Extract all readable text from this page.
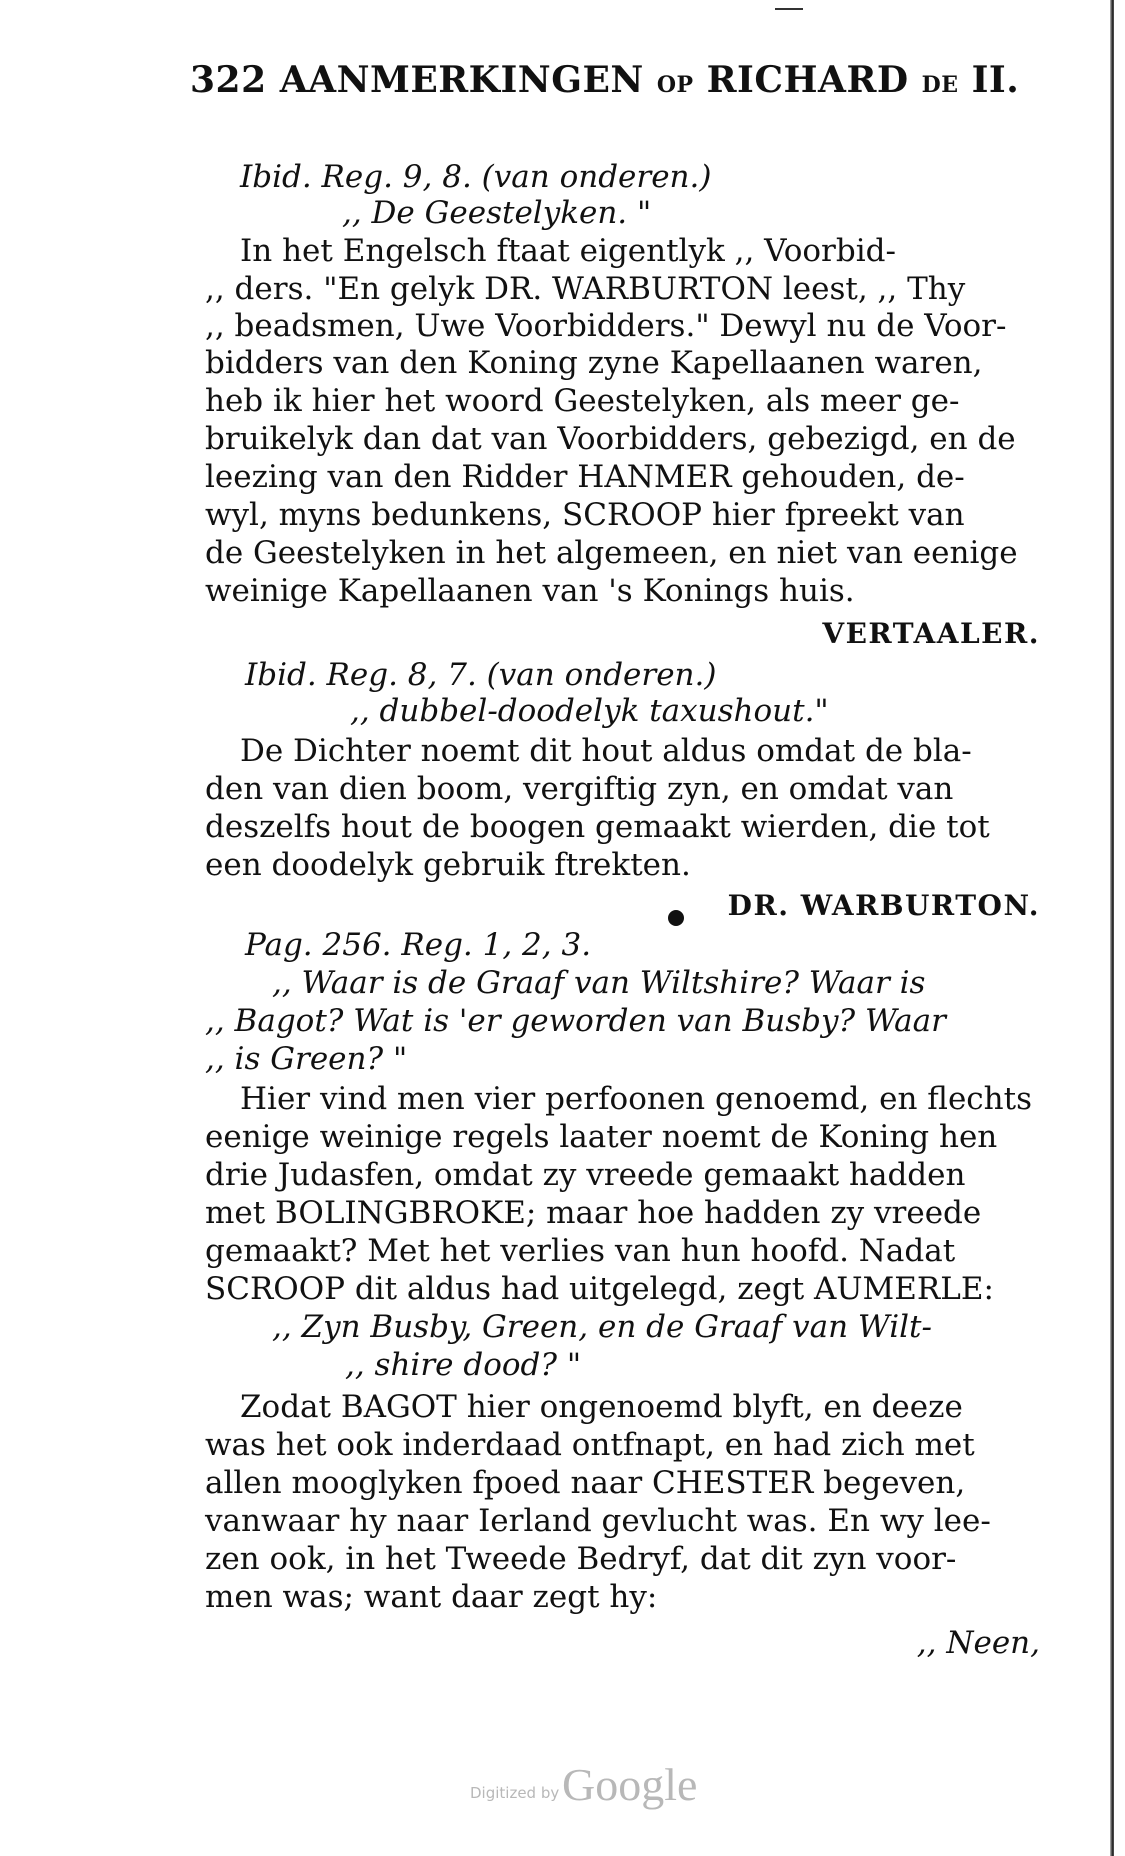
322 AANMERKINGEN OP RICHARD DE II.
Ibid. Reg. 9, 8. (van onderen.)
,, De Geestelyken. "
In het Engelsch ftaat eigentlyk ,, Voorbid-
,, ders. "En gelyk DR. WARBURTON leest, ,, Thy
,, beadsmen, Uwe Voorbidders." Dewyl nu de Voor-
bidders van den Koning zyne Kapellaanen waren,
heb ik hier het woord Geestelyken, als meer ge-
bruikelyk dan dat van Voorbidders, gebezigd, en de
leezing van den Ridder HANMER gehouden, de-
wyl, myns bedunkens, SCROOP hier fpreekt van
de Geestelyken in het algemeen, en niet van eenige
weinige Kapellaanen van 's Konings huis.
VERTAALER.
Ibid. Reg. 8, 7. (van onderen.)
,, dubbel-doodelyk taxushout."
De Dichter noemt dit hout aldus omdat de bla-
den van dien boom, vergiftig zyn, en omdat van
deszelfs hout de boogen gemaakt wierden, die tot
een doodelyk gebruik ftrekten.
DR. WARBURTON.
Pag. 256. Reg. 1, 2, 3.
,, Waar is de Graaf van Wiltshire? Waar is
,, Bagot? Wat is 'er geworden van Busby? Waar
,, is Green? "
Hier vind men vier perfoonen genoemd, en flechts
eenige weinige regels laater noemt de Koning hen
drie Judasfen, omdat zy vreede gemaakt hadden
met BOLINGBROKE; maar hoe hadden zy vreede
gemaakt? Met het verlies van hun hoofd. Nadat
SCROOP dit aldus had uitgelegd, zegt AUMERLE:
,, Zyn Busby, Green, en de Graaf van Wilt-
,, shire dood? "
Zodat BAGOT hier ongenoemd blyft, en deeze
was het ook inderdaad ontfnapt, en had zich met
allen mooglyken fpoed naar CHESTER begeven,
vanwaar hy naar Ierland gevlucht was. En wy lee-
zen ook, in het Tweede Bedryf, dat dit zyn voor-
men was; want daar zegt hy:
,, Neen,
Digitized by Google
